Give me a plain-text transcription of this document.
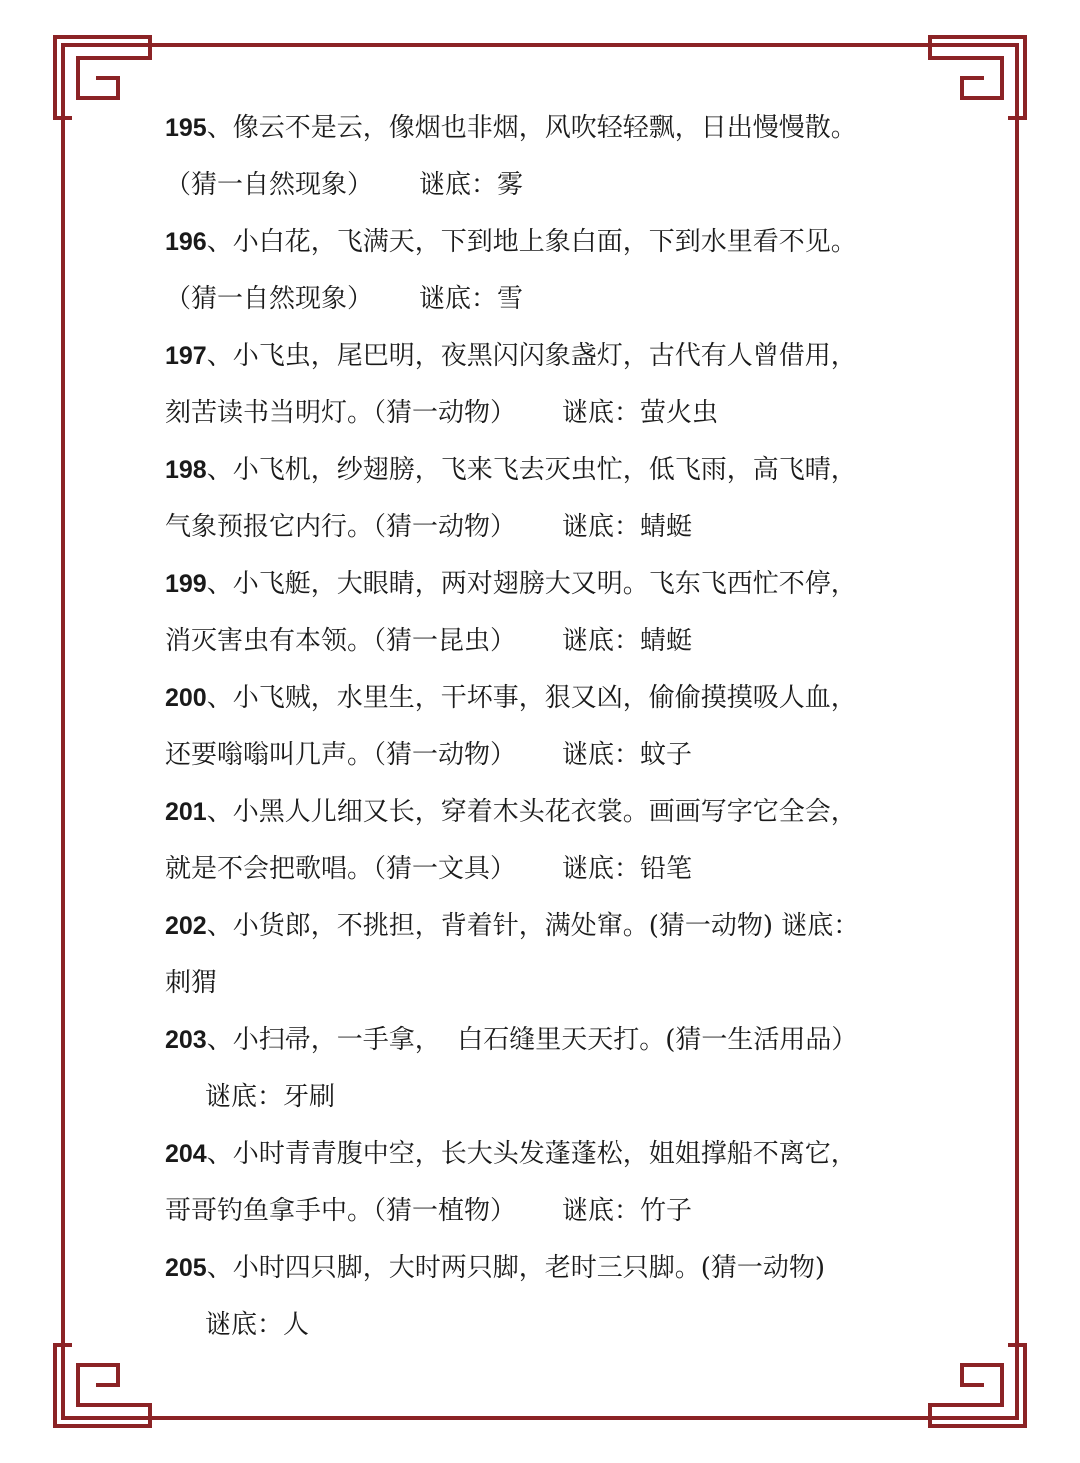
195、像云不是云，像烟也非烟，风吹轻轻飘，日出慢慢散。
（猜一自然现象） 谜底：雾
196、小白花，飞满天，下到地上象白面，下到水里看不见。
（猜一自然现象） 谜底：雪
197、小飞虫，尾巴明，夜黑闪闪象盏灯，古代有人曾借用，
刻苦读书当明灯。（猜一动物） 谜底：萤火虫
198、小飞机，纱翅膀，飞来飞去灭虫忙，低飞雨，高飞晴，
气象预报它内行。（猜一动物） 谜底：蜻蜓
199、小飞艇，大眼睛，两对翅膀大又明。飞东飞西忙不停，
消灭害虫有本领。（猜一昆虫） 谜底：蜻蜓
200、小飞贼，水里生，干坏事，狠又凶，偷偷摸摸吸人血，
还要嗡嗡叫几声。（猜一动物） 谜底：蚊子
201、小黑人儿细又长，穿着木头花衣裳。画画写字它全会，
就是不会把歌唱。（猜一文具） 谜底：铅笔
202、小货郎，不挑担，背着针，满处窜。(猜一动物) 谜底：
刺猬
203、小扫帚，一手拿，  白石缝里天天打。(猜一生活用品）
谜底：牙刷
204、小时青青腹中空，长大头发蓬蓬松，姐姐撑船不离它，
哥哥钓鱼拿手中。（猜一植物） 谜底：竹子
205、小时四只脚，大时两只脚，老时三只脚。(猜一动物)
谜底：人
